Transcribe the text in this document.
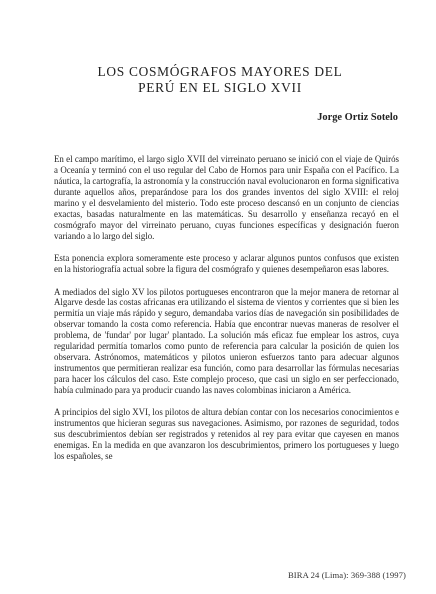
LOS COSMÓGRAFOS MAYORES DEL
PERÚ EN EL SIGLO XVII

Jorge Ortiz Sotelo

En el campo marítimo, el largo siglo XVII del virreinato peruano se inició con el viaje de Quirós a Oceanía y terminó con el uso regular del Cabo de Hornos para unir España con el Pacífico. La náutica, la cartografía, la astronomía y la construcción naval evolucionaron en forma significativa durante aquellos años, preparándose para los dos grandes inventos del siglo XVIII: el reloj marino y el desvelamiento del misterio. Todo este proceso descansó en un conjunto de ciencias exactas, basadas naturalmente en las matemáticas. Su desarrollo y enseñanza recayó en el cosmógrafo mayor del virreinato peruano, cuyas funciones específicas y designación fueron variando a lo largo del siglo.

Esta ponencia explora someramente este proceso y aclarar algunos puntos confusos que existen en la historiografía actual sobre la figura del cosmógrafo y quienes desempeñaron esas labores.

A mediados del siglo XV los pilotos portugueses encontraron que la mejor manera de retornar al Algarve desde las costas africanas era utilizando el sistema de vientos y corrientes que si bien les permitía un viaje más rápido y seguro, demandaba varios días de navegación sin posibilidades de observar tomando la costa como referencia. Había que encontrar nuevas maneras de resolver el problema, de 'fundar' por lugar' plantado. La solución más eficaz fue emplear los astros, cuya regularidad permitía tomarlos como punto de referencia para calcular la posición de quien los observara. Astrónomos, matemáticos y pilotos unieron esfuerzos tanto para adecuar algunos instrumentos que permitieran realizar esa función, como para desarrollar las fórmulas necesarias para hacer los cálculos del caso. Este complejo proceso, que casi un siglo en ser perfeccionado, había culminado para ya producir cuando las naves colombinas iniciaron a América.

A principios del siglo XVI, los pilotos de altura debían contar con los necesarios conocimientos e instrumentos que hicieran seguras sus navegaciones. Asimismo, por razones de seguridad, todos sus descubrimientos debían ser registrados y retenidos al rey para evitar que cayesen en manos enemigas. En la medida en que avanzaron los descubrimientos, primero los portugueses y luego los españoles, se

BIRA 24 (Lima): 369-388 (1997)
